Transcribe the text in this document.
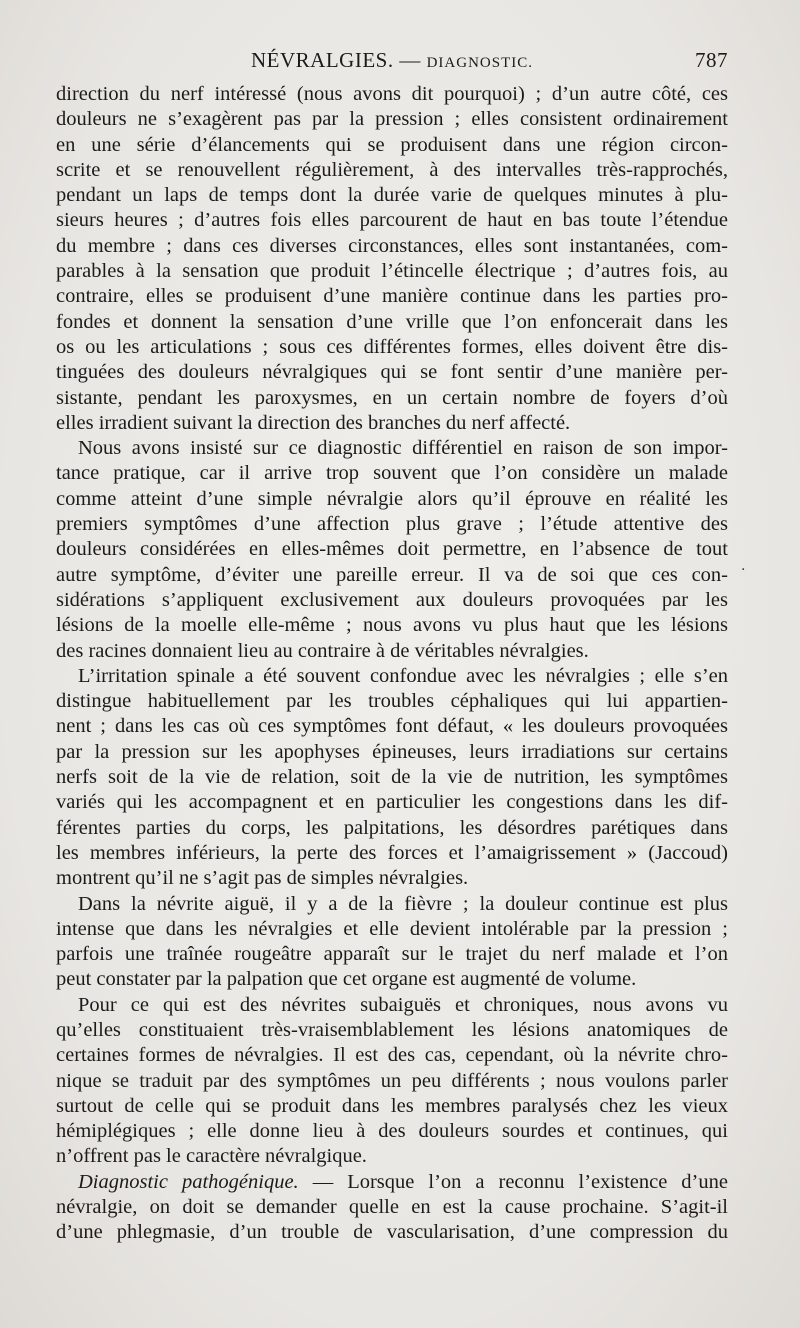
NÉVRALGIES. — DIAGNOSTIC.	787

direction du nerf intéressé (nous avons dit pourquoi) ; d’un autre côté, ces
douleurs ne s’exagèrent pas par la pression ; elles consistent ordinairement
en une série d’élancements qui se produisent dans une région circon-
scrite et se renouvellent régulièrement, à des intervalles très-rapprochés,
pendant un laps de temps dont la durée varie de quelques minutes à plu-
sieurs heures ; d’autres fois elles parcourent de haut en bas toute l’étendue
du membre ; dans ces diverses circonstances, elles sont instantanées, com-
parables à la sensation que produit l’étincelle électrique ; d’autres fois, au
contraire, elles se produisent d’une manière continue dans les parties pro-
fondes et donnent la sensation d’une vrille que l’on enfoncerait dans les
os ou les articulations ; sous ces différentes formes, elles doivent être dis-
tinguées des douleurs névralgiques qui se font sentir d’une manière per-
sistante, pendant les paroxysmes, en un certain nombre de foyers d’où
elles irradient suivant la direction des branches du nerf affecté.

Nous avons insisté sur ce diagnostic différentiel en raison de son impor-
tance pratique, car il arrive trop souvent que l’on considère un malade
comme atteint d’une simple névralgie alors qu’il éprouve en réalité les
premiers symptômes d’une affection plus grave ; l’étude attentive des
douleurs considérées en elles-mêmes doit permettre, en l’absence de tout
autre symptôme, d’éviter une pareille erreur. Il va de soi que ces con-
sidérations s’appliquent exclusivement aux douleurs provoquées par les
lésions de la moelle elle-même ; nous avons vu plus haut que les lésions
des racines donnaient lieu au contraire à de véritables névralgies.

L’irritation spinale a été souvent confondue avec les névralgies ; elle s’en
distingue habituellement par les troubles céphaliques qui lui appartien-
nent ; dans les cas où ces symptômes font défaut, « les douleurs provoquées
par la pression sur les apophyses épineuses, leurs irradiations sur certains
nerfs soit de la vie de relation, soit de la vie de nutrition, les symptômes
variés qui les accompagnent et en particulier les congestions dans les dif-
férentes parties du corps, les palpitations, les désordres parétiques dans
les membres inférieurs, la perte des forces et l’amaigrissement » (Jaccoud)
montrent qu’il ne s’agit pas de simples névralgies.

Dans la névrite aiguë, il y a de la fièvre ; la douleur continue est plus
intense que dans les névralgies et elle devient intolérable par la pression ;
parfois une traînée rougeâtre apparaît sur le trajet du nerf malade et l’on
peut constater par la palpation que cet organe est augmenté de volume.

Pour ce qui est des névrites subaiguës et chroniques, nous avons vu
qu’elles constituaient très-vraisemblablement les lésions anatomiques de
certaines formes de névralgies. Il est des cas, cependant, où la névrite chro-
nique se traduit par des symptômes un peu différents ; nous voulons parler
surtout de celle qui se produit dans les membres paralysés chez les vieux
hémiplégiques ; elle donne lieu à des douleurs sourdes et continues, qui
n’offrent pas le caractère névralgique.

Diagnostic pathogénique. — Lorsque l’on a reconnu l’existence d’une
névralgie, on doit se demander quelle en est la cause prochaine. S’agit-il
d’une phlegmasie, d’un trouble de vascularisation, d’une compression du

·
